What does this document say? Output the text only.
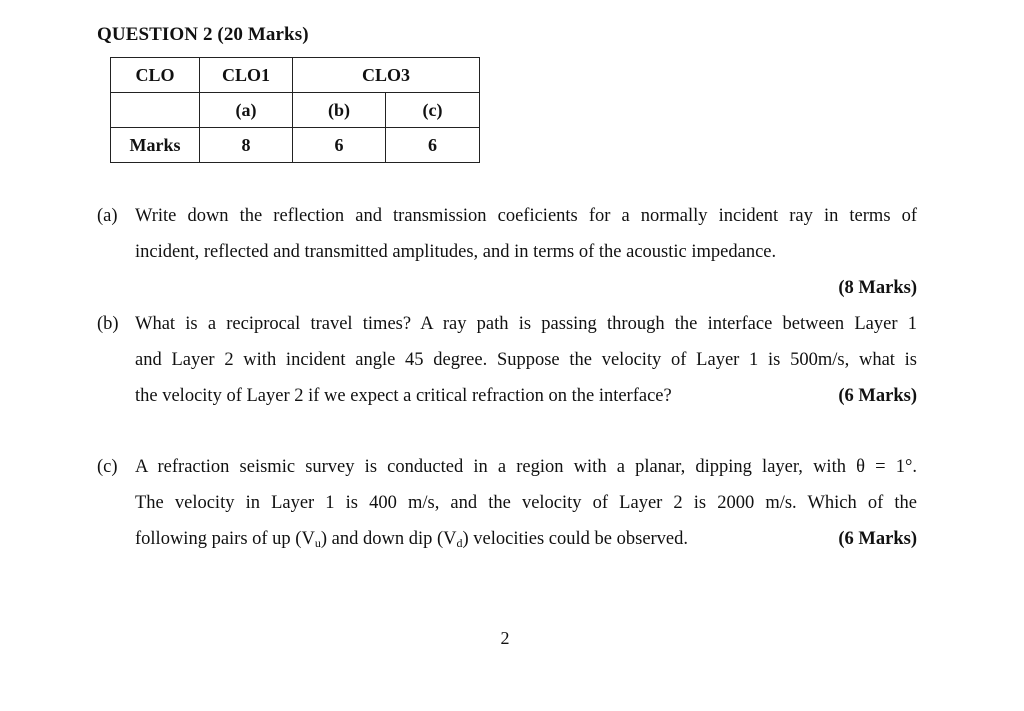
QUESTION 2 (20 Marks)
CLO	CLO1	CLO3	
	(a)	(b)	(c)
Marks	8	6	6
(a) Write down the reflection and transmission coeficients for a normally incident ray in terms of
incident, reflected and transmitted amplitudes, and in terms of the acoustic impedance.
(8 Marks)
(b) What is a reciprocal travel times? A ray path is passing through the interface between Layer 1
and Layer 2 with incident angle 45 degree. Suppose the velocity of Layer 1 is 500m/s, what is
the velocity of Layer 2 if we expect a critical refraction on the interface?	(6 Marks)
(c) A refraction seismic survey is conducted in a region with a planar, dipping layer, with θ = 1°.
The velocity in Layer 1 is 400 m/s, and the velocity of Layer 2 is 2000 m/s. Which of the
following pairs of up $(V_u)$ and down dip $(V_d)$ velocities could be observed.	(6 Marks)
2
